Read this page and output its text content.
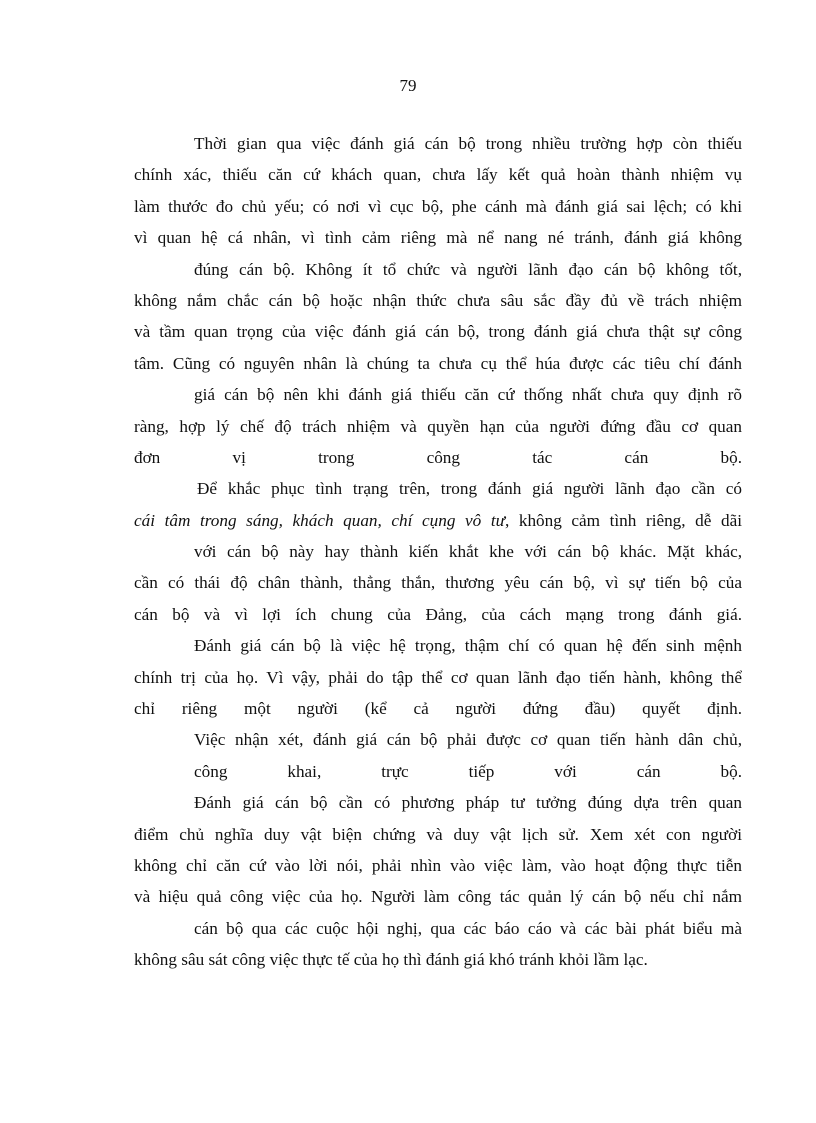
79
Thời gian qua việc đánh giá cán bộ trong nhiều trường hợp còn thiếu
chính xác, thiếu căn cứ khách quan, chưa lấy kết quả hoàn thành nhiệm vụ
làm thước đo chủ yếu; có nơi vì cục bộ, phe cánh mà đánh giá sai lệch; có khi
vì quan hệ cá nhân, vì tình cảm riêng mà nể nang né tránh, đánh giá không
đúng cán bộ. Không ít tổ chức và người lãnh đạo cán bộ không tốt,
không nắm chắc cán bộ hoặc nhận thức chưa sâu sắc đầy đủ về trách nhiệm
và tầm quan trọng của việc đánh giá cán bộ, trong đánh giá chưa thật sự công
tâm. Cũng có nguyên nhân là chúng ta chưa cụ thể húa được các tiêu chí đánh
giá cán bộ nên khi đánh giá thiếu căn cứ thống nhất chưa quy định rõ
ràng, hợp lý chế độ trách nhiệm và quyền hạn của người đứng đầu cơ quan
đơn vị trong công tác cán bộ.
Để khắc phục tình trạng trên, trong đánh giá người lãnh đạo cần có
cái tâm trong sáng, khách quan, chí cụng vô tư, không cảm tình riêng, dễ dãi
với cán bộ này hay thành kiến khắt khe với cán bộ khác. Mặt khác,
cần có thái độ chân thành, thẳng thắn, thương yêu cán bộ, vì sự tiến bộ của
cán bộ và vì lợi ích chung của Đảng, của cách mạng trong đánh giá.
Đánh giá cán bộ là việc hệ trọng, thậm chí có quan hệ đến sinh mệnh
chính trị của họ. Vì vậy, phải do tập thể cơ quan lãnh đạo tiến hành, không thể
chỉ riêng một người (kể cả người đứng đầu) quyết định.
Việc nhận xét, đánh giá cán bộ phải được cơ quan tiến hành dân chủ,
công khai, trực tiếp với cán bộ.
Đánh giá cán bộ cần có phương pháp tư tưởng đúng dựa trên quan
điểm chủ nghĩa duy vật biện chứng và duy vật lịch sử. Xem xét con người
không chỉ căn cứ vào lời nói, phải nhìn vào việc làm, vào hoạt động thực tiễn
và hiệu quả công việc của họ. Người làm công tác quản lý cán bộ nếu chỉ nắm
cán bộ qua các cuộc hội nghị, qua các báo cáo và các bài phát biểu mà
không sâu sát công việc thực tế của họ thì đánh giá khó tránh khỏi lầm lạc.
